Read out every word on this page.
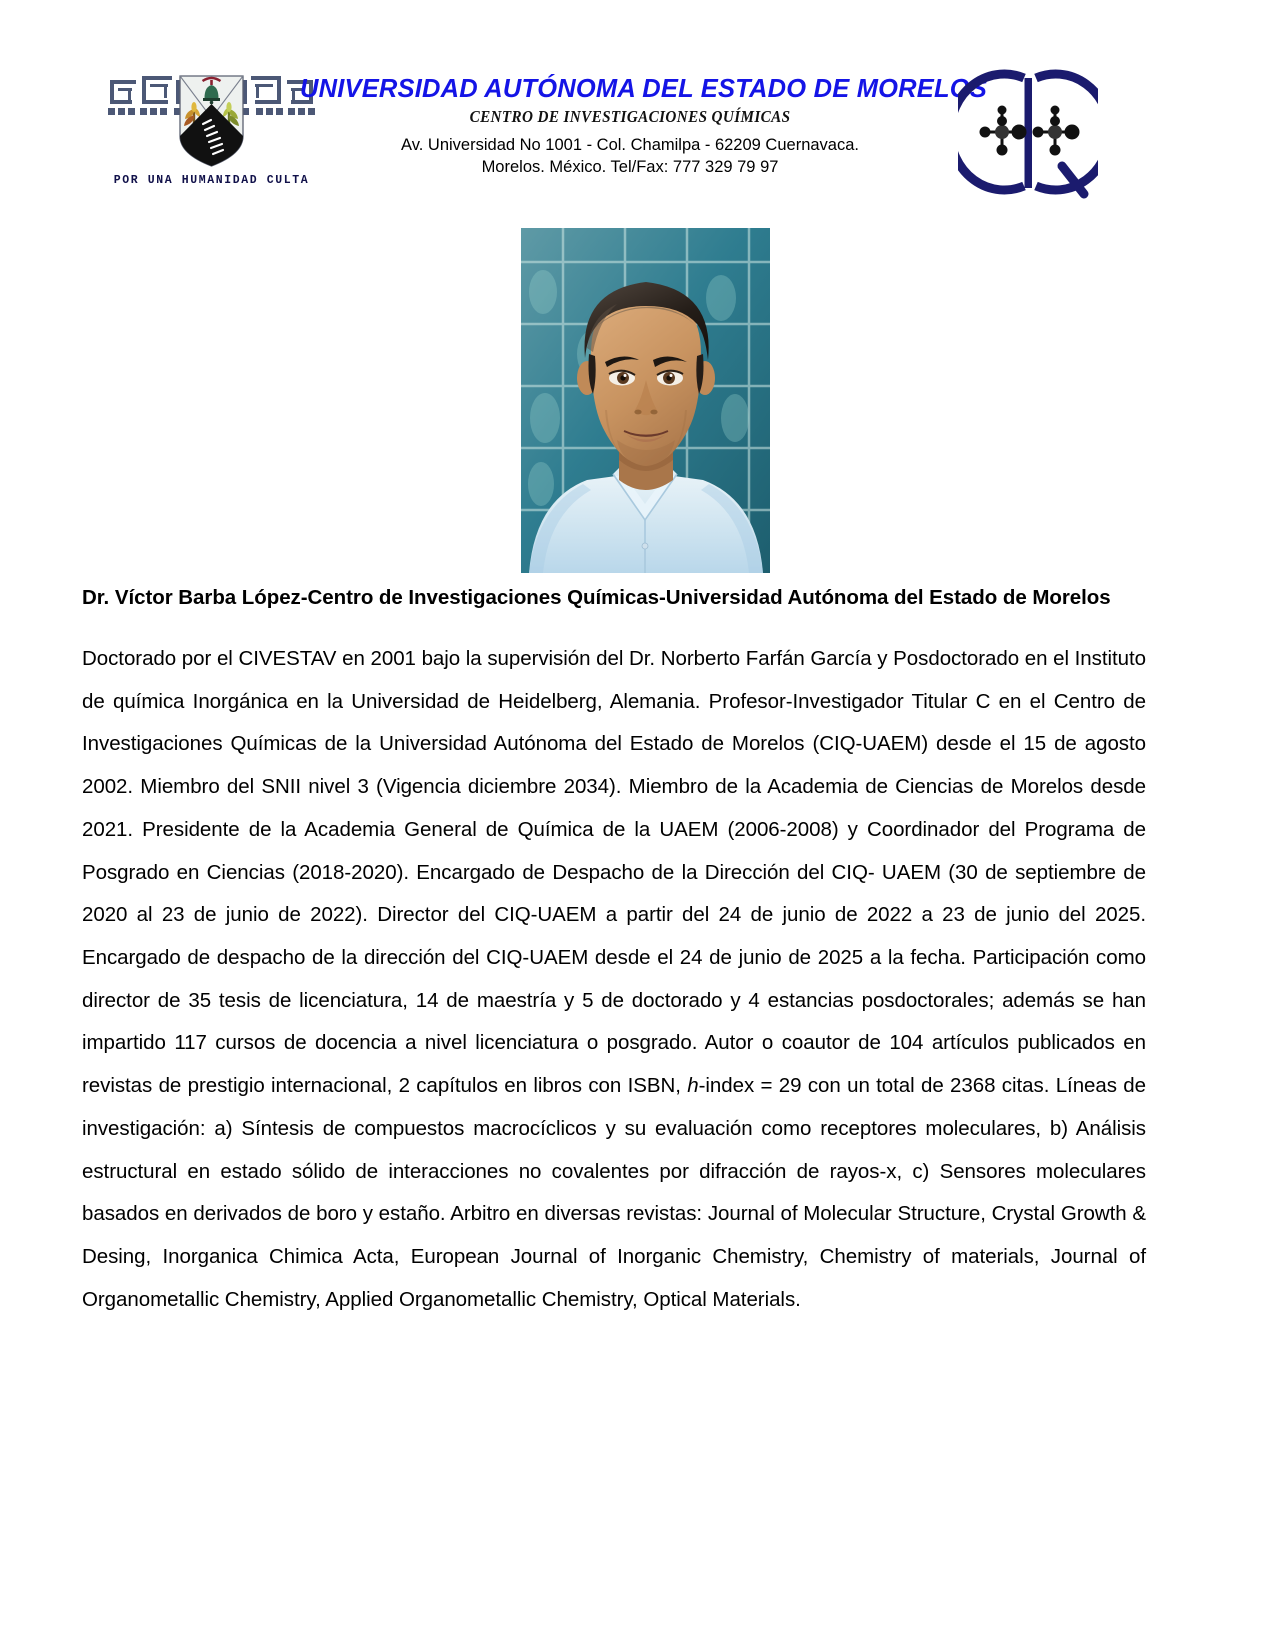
POR UNA HUMANIDAD CULTA
UNIVERSIDAD AUTÓNOMA DEL ESTADO DE MORELOS
CENTRO DE INVESTIGACIONES QUÍMICAS
Av. Universidad No 1001 - Col. Chamilpa - 62209 Cuernavaca.
Morelos. México. Tel/Fax: 777 329 79 97
Dr. Víctor Barba López-Centro de Investigaciones Químicas-Universidad Autónoma del Estado de Morelos

Doctorado por el CIVESTAV en 2001 bajo la supervisión del Dr. Norberto Farfán García y Posdoctorado en el Instituto de química Inorgánica en la Universidad de Heidelberg, Alemania. Profesor-Investigador Titular C en el Centro de Investigaciones Químicas de la Universidad Autónoma del Estado de Morelos (CIQ-UAEM) desde el 15 de agosto 2002. Miembro del SNII nivel 3 (Vigencia diciembre 2034). Miembro de la Academia de Ciencias de Morelos desde 2021. Presidente de la Academia General de Química de la UAEM (2006-2008) y Coordinador del Programa de Posgrado en Ciencias (2018-2020). Encargado de Despacho de la Dirección del CIQ- UAEM (30 de septiembre de 2020 al 23 de junio de 2022). Director del CIQ-UAEM a partir del 24 de junio de 2022 a 23 de junio del 2025. Encargado de despacho de la dirección del CIQ-UAEM desde el 24 de junio de 2025 a la fecha. Participación como director de 35 tesis de licenciatura, 14 de maestría y 5 de doctorado y 4 estancias posdoctorales; además se han impartido 117 cursos de docencia a nivel licenciatura o posgrado. Autor o coautor de 104 artículos publicados en revistas de prestigio internacional, 2 capítulos en libros con ISBN, h-index = 29 con un total de 2368 citas. Líneas de investigación: a) Síntesis de compuestos macrocíclicos y su evaluación como receptores moleculares, b) Análisis estructural en estado sólido de interacciones no covalentes por difracción de rayos-x, c) Sensores moleculares basados en derivados de boro y estaño. Arbitro en diversas revistas: Journal of Molecular Structure, Crystal Growth & Desing, Inorganica Chimica Acta, European Journal of Inorganic Chemistry, Chemistry of materials, Journal of Organometallic Chemistry, Applied Organometallic Chemistry, Optical Materials.
